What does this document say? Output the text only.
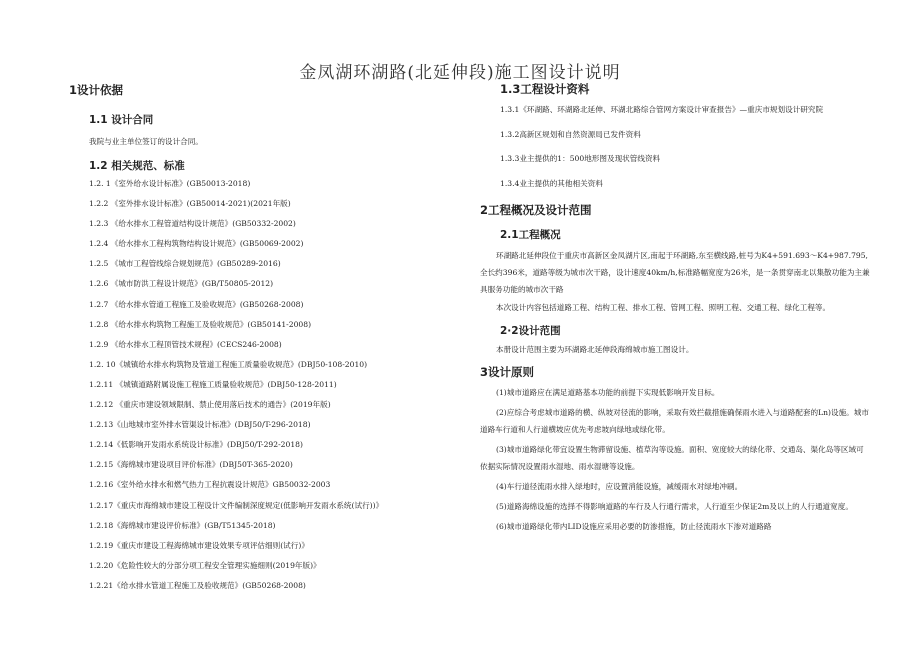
金凤湖环湖路(北延伸段)施工图设计说明
1设计依据
1.1 设计合同
我院与业主单位签订的设计合同。
1.2 相关规范、标准
1.2. 1《室外给水设计标准》(GB50013-2018)
1.2.2 《室外排水设计标准》(GB50014-2021)(2021年版)
1.2.3 《给水排水工程管道结构设计规范》(GB50332-2002)
1.2.4 《给水排水工程构筑物结构设计规范》(GB50069-2002)
1.2.5 《城市工程管线综合规划规范》(GB50289-2016)
1.2.6 《城市防洪工程设计规范》(GB/T50805-2012)
1.2.7 《给水排水管道工程施工及验收规范》(GB50268-2008)
1.2.8 《给水排水构筑物工程施工及验收规范》(GB50141-2008)
1.2.9 《给水排水工程顶管技术规程》(CECS246-2008)
1.2. 10《城镇给水排水构筑物及管道工程施工质量验收规范》(DBJ50-108-2010)
1.2.11 《城镇道路附属设施工程施工质量验收规范》(DBJ50-128-2011)
1.2.12 《重庆市建设领域限制、禁止使用落后技术的通告》(2019年版)
1.2.13《山地城市室外排水管渠设计标准》(DBJ50/T-296-2018)
1.2.14《低影响开发雨水系统设计标准》(DBJ50/T-292-2018)
1.2.15《海绵城市建设项目评价标准》(DBJ50T-365-2020)
1.2.16《室外给水排水和燃气热力工程抗震设计规范》GB50032-2003
1.2.17《重庆市海绵城市建设工程设计文件编制深度规定(低影响开发雨水系统(试行))》
1.2.18《海绵城市建设评价标准》(GB/T51345-2018)
1.2.19《重庆市建设工程海绵城市建设效果专项评估细则(试行)》
1.2.20《危险性较大的分部分项工程安全管理实施细则(2019年版)》
1.2.21《给水排水管道工程施工及验收规范》(GB50268-2008)
1.3工程设计资料
1.3.1《环湖路、环湖路北延伸、环湖北路综合管网方案设计审查报告》—重庆市规划设计研究院
1.3.2高新区规划和自然资源局已发件资料
1.3.3业主提供的1：500地形图及现状管线资料
1.3.4业主提供的其他相关资料
2工程概况及设计范围
2.1工程概况
环湖路北延伸段位于重庆市高新区金凤湖片区,南起于环湖路,东至横线路,桩号为K4+591.693～K4+987.795,全长约396米，道路等级为城市次干路，设计速度40km/h,标准路幅宽度为26米，是一条贯穿南北以集散功能为主兼具服务功能的城市次干路
本次设计内容包括道路工程、结构工程、排水工程、管网工程、照明工程、交通工程、绿化工程等。
2·2设计范围
本册设计范围主要为环湖路北延伸段海绵城市施工图设计。
3设计原则
(1)城市道路应在满足道路基本功能的前提下实现低影响开发目标。
(2)应综合考虑城市道路的横、纵坡对径流的影响，采取有效拦截措施确保雨水进入与道路配套的Ln)设施。城市道路车行道和人行道横坡应优先考虑坡向绿地或绿化带。
(3)城市道路绿化带宜设置生物滞留设施、植草沟等设施。面积、宽度较大的绿化带、交通岛、渠化岛等区域可依据实际情况设置雨水湿地、雨水湿塘等设施。
(4)车行道径流雨水排入绿地时，应设置消能设施，减缓雨水对绿地冲刷。
(5)道路海绵设施的选择不得影响道路的车行及人行通行需求，人行道至少保证2m及以上的人行通道宽度。
(6)城市道路绿化带内LID设施应采用必要的防渗措施，防止径流雨水下渗对道路路
